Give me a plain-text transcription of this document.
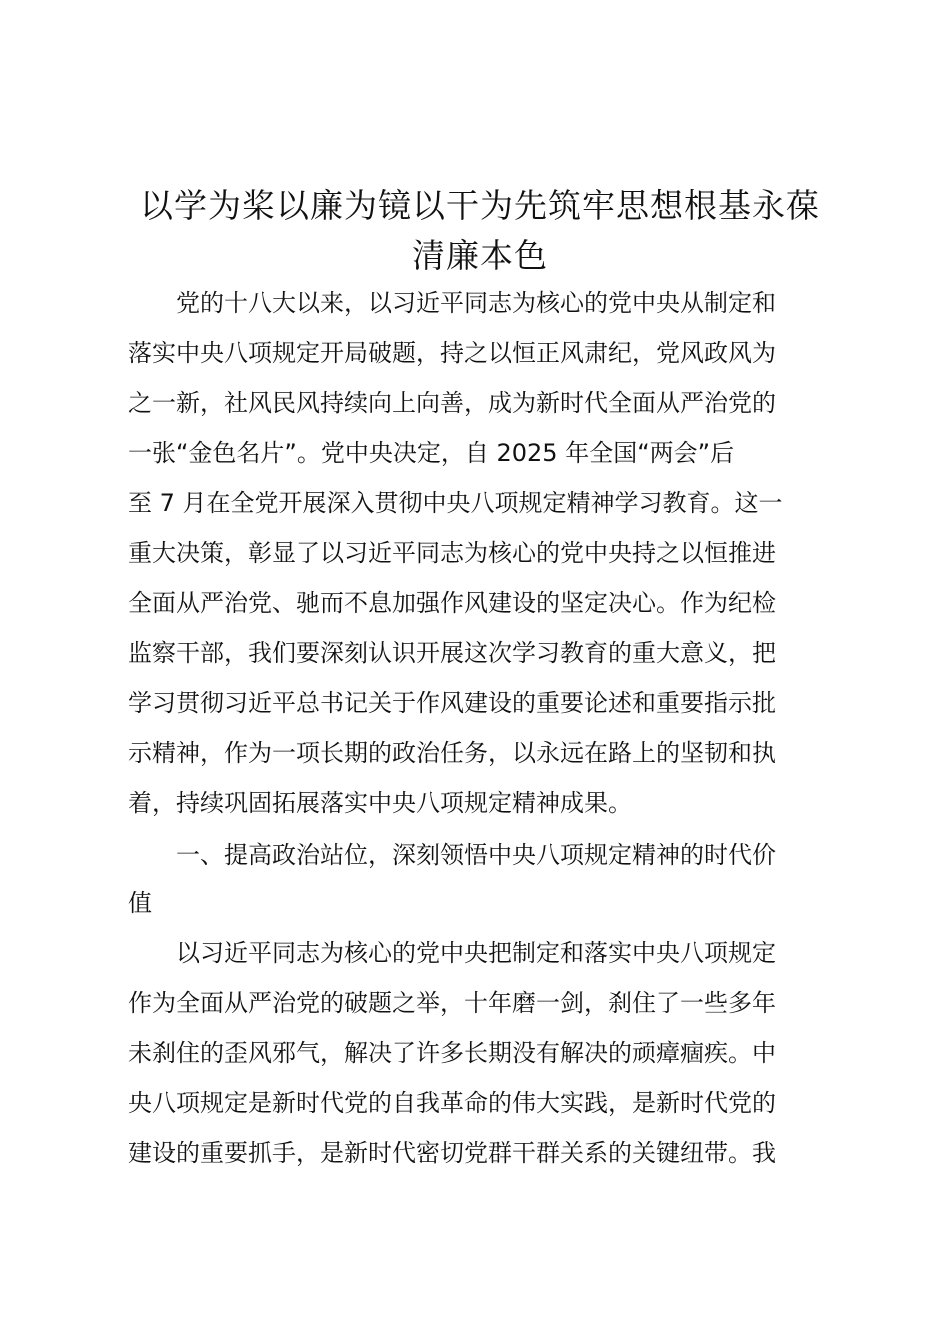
以学为桨以廉为镜以干为先筑牢思想根基永葆
清廉本色
　　党的十八大以来，以习近平同志为核心的党中央从制定和
落实中央八项规定开局破题，持之以恒正风肃纪，党风政风为
之一新，社风民风持续向上向善，成为新时代全面从严治党的
一张“金色名片”。党中央决定，自 2025 年全国“两会”后
至 7 月在全党开展深入贯彻中央八项规定精神学习教育。这一
重大决策，彰显了以习近平同志为核心的党中央持之以恒推进
全面从严治党、驰而不息加强作风建设的坚定决心。作为纪检
监察干部，我们要深刻认识开展这次学习教育的重大意义，把
学习贯彻习近平总书记关于作风建设的重要论述和重要指示批
示精神，作为一项长期的政治任务，以永远在路上的坚韧和执
着，持续巩固拓展落实中央八项规定精神成果。
　　一、提高政治站位，深刻领悟中央八项规定精神的时代价
值
　　以习近平同志为核心的党中央把制定和落实中央八项规定
作为全面从严治党的破题之举，十年磨一剑，刹住了一些多年
未刹住的歪风邪气，解决了许多长期没有解决的顽瘴痼疾。中
央八项规定是新时代党的自我革命的伟大实践，是新时代党的
建设的重要抓手，是新时代密切党群干群关系的关键纽带。我
